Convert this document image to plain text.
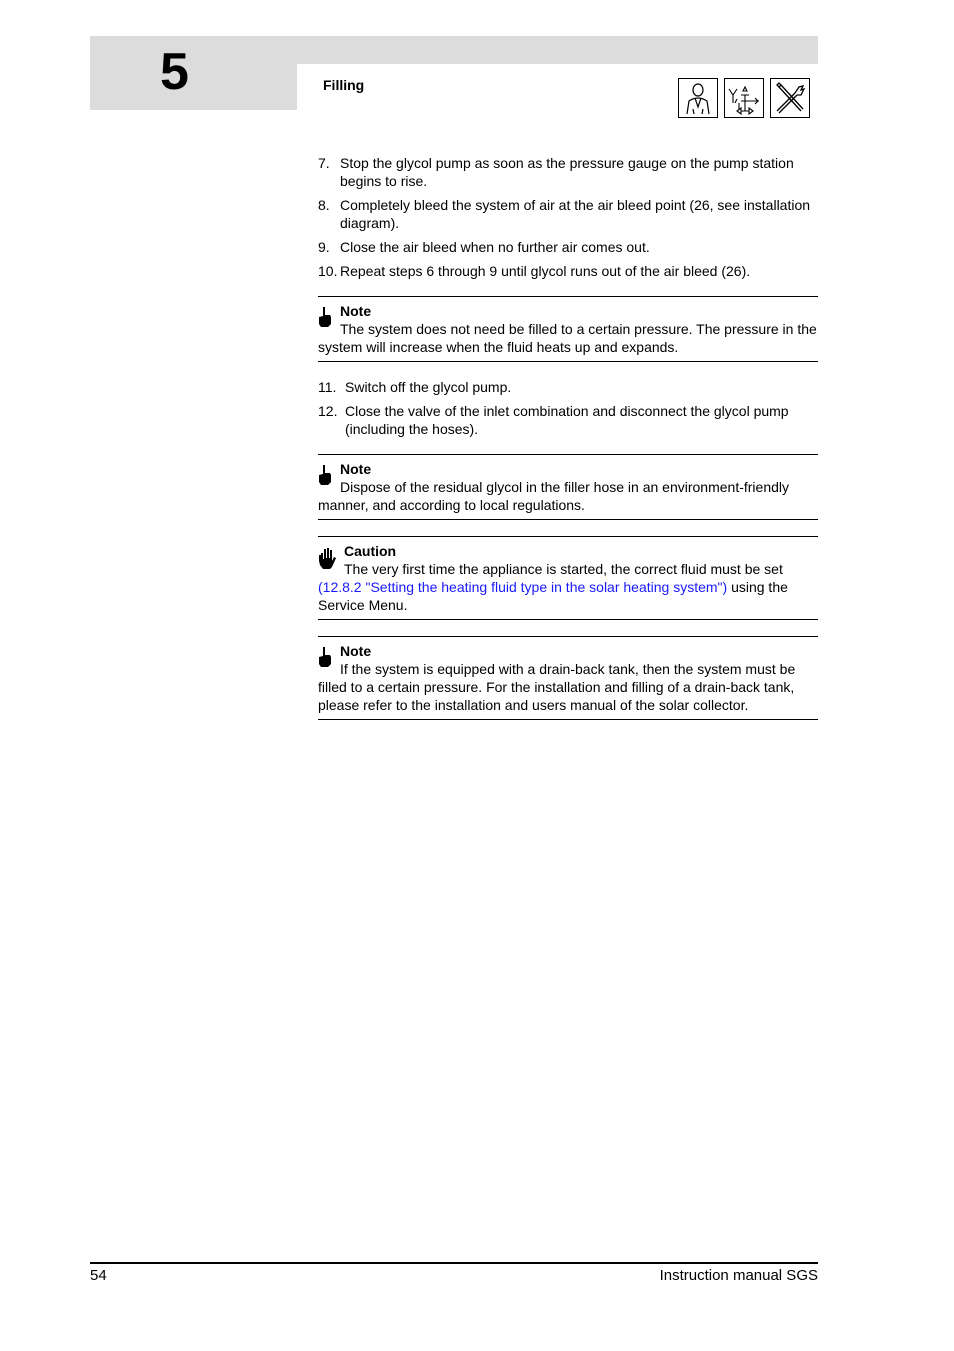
5	Filling
7. Stop the glycol pump as soon as the pressure gauge on the pump station begins to rise.
8. Completely bleed the system of air at the air bleed point (26, see installation diagram).
9. Close the air bleed when no further air comes out.
10. Repeat steps 6 through 9 until glycol runs out of the air bleed (26).
Note
The system does not need be filled to a certain pressure. The pressure in the system will increase when the fluid heats up and expands.
11. Switch off the glycol pump.
12. Close the valve of the inlet combination and disconnect the glycol pump (including the hoses).
Note
Dispose of the residual glycol in the filler hose in an environment-friendly manner, and according to local regulations.
Caution
The very first time the appliance is started, the correct fluid must be set (12.8.2 "Setting the heating fluid type in the solar heating system") using the Service Menu.
Note
If the system is equipped with a drain-back tank, then the system must be filled to a certain pressure. For the installation and filling of a drain-back tank, please refer to the installation and users manual of the solar collector.
54	Instruction manual SGS
